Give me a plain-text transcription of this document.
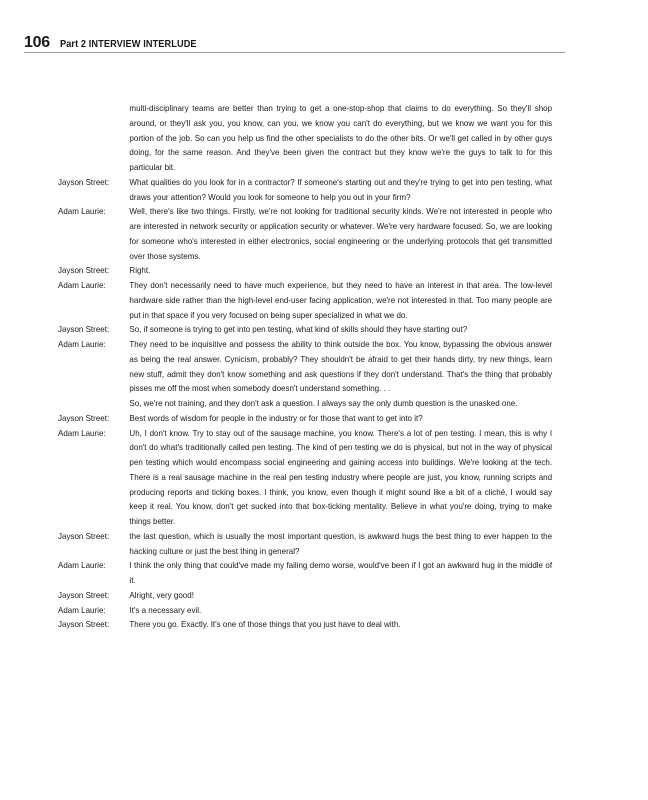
106 Part 2 INTERVIEW INTERLUDE

multi-disciplinary teams are better than trying to get a one-stop-shop that claims to do everything. So they'll shop around, or they'll ask you, you know, can you, we know you can't do everything, but we know we want you for this portion of the job. So can you help us find the other specialists to do the other bits. Or we'll get called in by other guys doing, for the same reason. And they've been given the contract but they know we're the guys to talk to for this particular bit.

Jayson Street:	What qualities do you look for in a contractor? If someone's starting out and they're trying to get into pen testing, what draws your attention? Would you look for someone to help you out in your firm?

Adam Laurie:	Well, there's like two things. Firstly, we're not looking for traditional security kinds. We're not interested in people who are interested in network security or application security or whatever. We're very hardware focused. So, we are looking for someone who's interested in either electronics, social engineering or the underlying protocols that get transmitted over those systems.

Jayson Street:	Right.

Adam Laurie:	They don't necessarily need to have much experience, but they need to have an interest in that area. The low-level hardware side rather than the high-level end-user facing application, we're not interested in that. Too many people are put in that space if you very focused on being super specialized in what we do.

Jayson Street:	So, if someone is trying to get into pen testing, what kind of skills should they have starting out?

Adam Laurie:	They need to be inquisitive and possess the ability to think outside the box. You know, bypassing the obvious answer as being the real answer. Cynicism, probably? They shouldn't be afraid to get their hands dirty, try new things, learn new stuff, admit they don't know something and ask questions if they don't understand. That's the thing that probably pisses me off the most when somebody doesn't understand something. . .

So, we're not training, and they don't ask a question. I always say the only dumb question is the unasked one.

Jayson Street:	Best words of wisdom for people in the industry or for those that want to get into it?

Adam Laurie:	Uh, I don't know. Try to stay out of the sausage machine, you know. There's a lot of pen testing. I mean, this is why I don't do what's traditionally called pen testing. The kind of pen testing we do is physical, but not in the way of physical pen testing which would encompass social engineering and gaining access into buildings. We're looking at the tech. There is a real sausage machine in the real pen testing industry where people are just, you know, running scripts and producing reports and ticking boxes. I think, you know, even though it might sound like a bit of a cliché, I would say keep it real. You know, don't get sucked into that box-ticking mentality. Believe in what you're doing, trying to make things better.

Jayson Street:	the last question, which is usually the most important question, is awkward hugs the best thing to ever happen to the hacking culture or just the best thing in general?

Adam Laurie:	I think the only thing that could've made my failing demo worse, would've been if I got an awkward hug in the middle of it.

Jayson Street:	Alright, very good!

Adam Laurie:	It's a necessary evil.

Jayson Street:	There you go. Exactly. It's one of those things that you just have to deal with.
